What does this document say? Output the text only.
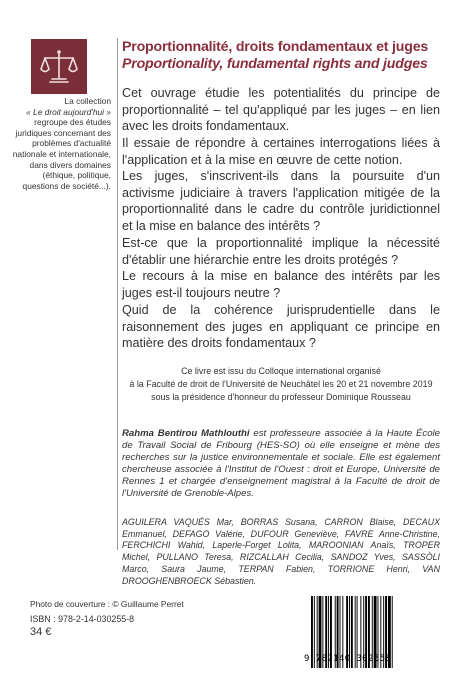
La collection
« Le droit aujourd'hui »
regroupe des études juridiques concernant des problèmes d'actualité nationale et internationale, dans divers domaines (éthique, politique, questions de société...).
Proportionnalité, droits fondamentaux et juges
Proportionality, fundamental rights and judges
Cet ouvrage étudie les potentialités du principe de proportionnalité – tel qu'appliqué par les juges – en lien avec les droits fondamentaux.
Il essaie de répondre à certaines interrogations liées à l'application et à la mise en œuvre de cette notion.
Les juges, s'inscrivent-ils dans la poursuite d'un activisme judiciaire à travers l'application mitigée de la proportionnalité dans le cadre du contrôle juridictionnel et la mise en balance des intérêts ?
Est-ce que la proportionnalité implique la nécessité d'établir une hiérarchie entre les droits protégés ?
Le recours à la mise en balance des intérêts par les juges est-il toujours neutre ?
Quid de la cohérence jurisprudentielle dans le raisonnement des juges en appliquant ce principe en matière des droits fondamentaux ?
Ce livre est issu du Colloque international organisé
à la Faculté de droit de l'Université de Neuchâtel les 20 et 21 novembre 2019
sous la présidence d'honneur du professeur Dominique Rousseau
Rahma Bentirou Mathlouthi est professeure associée à la Haute École de Travail Social de Fribourg (HES-SO) où elle enseigne et mène des recherches sur la justice environnementale et sociale. Elle est également chercheuse associée à l'Institut de l'Ouest : droit et Europe, Université de Rennes 1 et chargée d'enseignement magistral à la Faculté de droit de l'Université de Grenoble-Alpes.
AGUILERA VAQUÉS Mar, BORRAS Susana, CARRON Blaise, DECAUX Emmanuel, DEFAGO Valérie, DUFOUR Geneviève, FAVRE Anne-Christine, FERCHICHI Wahid, Laperle-Forget Lolita, MAROONIAN Anaïs, TROPER Michel, PULLANO Teresa, RIZCALLAH Cecilia, SANDOZ Yves, SASSÒLI Marco, Saura Jaume, TERPAN Fabien, TORRIONE Henri, VAN DROOGHENBROECK Sébastien.
Photo de couverture : © Guillaume Perret
ISBN : 978-2-14-030255-8
34 €
9 782140 302558
